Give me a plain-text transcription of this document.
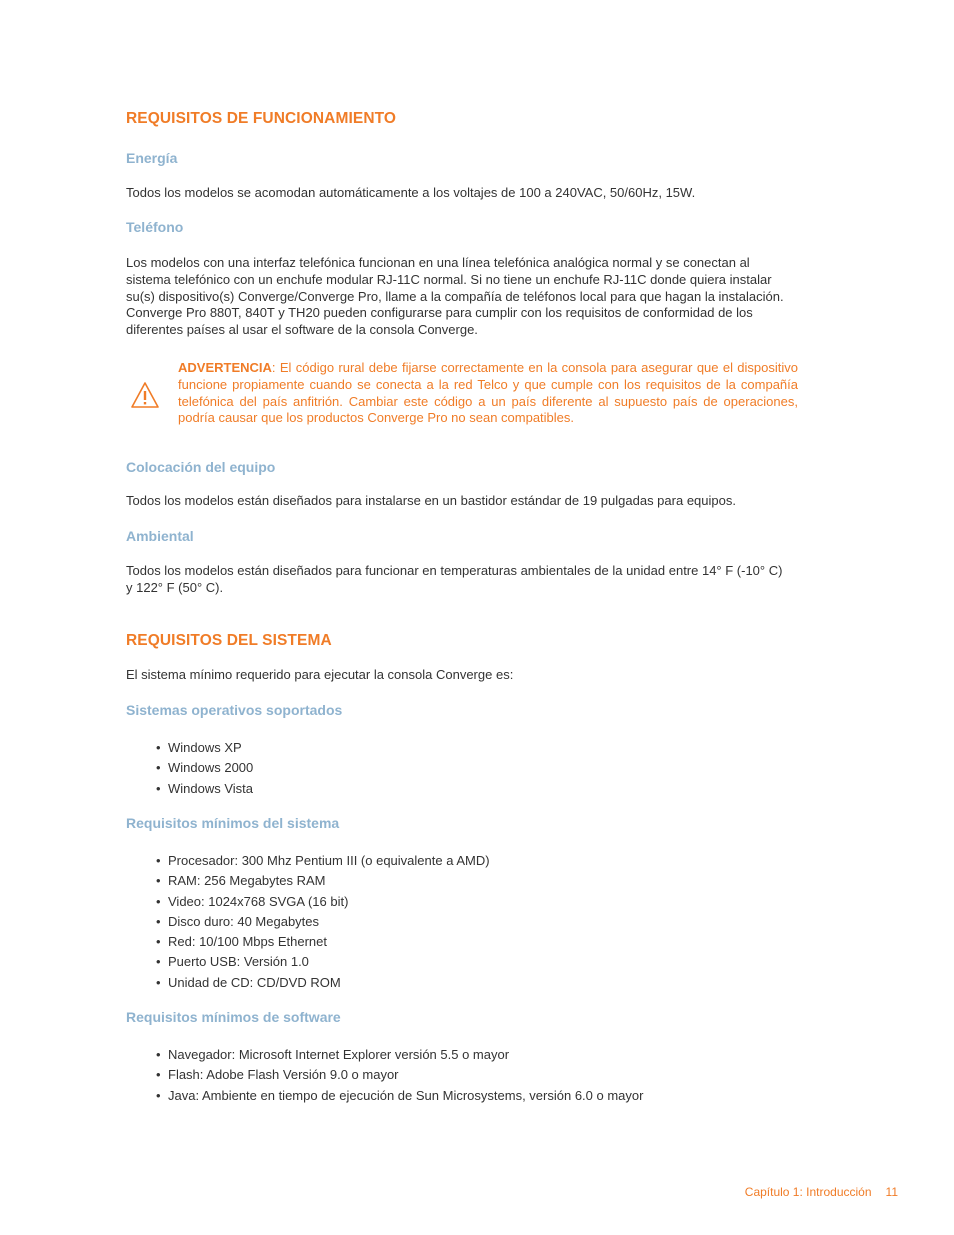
REQUISITOS DE FUNCIONAMIENTO
Energía
Todos los modelos se acomodan automáticamente a los voltajes de 100 a 240VAC, 50/60Hz, 15W.
Teléfono
Los modelos con una interfaz telefónica funcionan en una línea telefónica analógica normal y se conectan al
sistema telefónico con un enchufe modular RJ-11C normal. Si no tiene un enchufe RJ-11C donde quiera instalar
su(s) dispositivo(s) Converge/Converge Pro, llame a la compañía de teléfonos local para que hagan la instalación.
Converge Pro 880T, 840T y TH20 pueden configurarse para cumplir con los requisitos de conformidad de los
diferentes países al usar el software de la consola Converge.
ADVERTENCIA: El código rural debe fijarse correctamente en la consola para asegurar que el dispositivo funcione propiamente cuando se conecta a la red Telco y que cumple con los requisitos de la compañía telefónica del país anfitrión. Cambiar este código a un país diferente al supuesto país de operaciones, podría causar que los productos Converge Pro no sean compatibles.
Colocación del equipo
Todos los modelos están diseñados para instalarse en un bastidor estándar de 19 pulgadas para equipos.
Ambiental
Todos los modelos están diseñados para funcionar en temperaturas ambientales de la unidad entre 14° F (-10° C)
y 122° F (50° C).
REQUISITOS DEL SISTEMA
El sistema mínimo requerido para ejecutar la consola Converge es:
Sistemas operativos soportados
• Windows XP
• Windows 2000
• Windows Vista
Requisitos mínimos del sistema
• Procesador: 300 Mhz Pentium III (o equivalente a AMD)
• RAM: 256 Megabytes RAM
• Video: 1024x768 SVGA (16 bit)
• Disco duro: 40 Megabytes
• Red: 10/100 Mbps Ethernet
• Puerto USB: Versión 1.0
• Unidad de CD: CD/DVD ROM
Requisitos mínimos de software
• Navegador: Microsoft Internet Explorer versión 5.5 o mayor
• Flash: Adobe Flash Versión 9.0 o mayor
• Java: Ambiente en tiempo de ejecución de Sun Microsystems, versión 6.0 o mayor
Capítulo 1: Introducción 11
